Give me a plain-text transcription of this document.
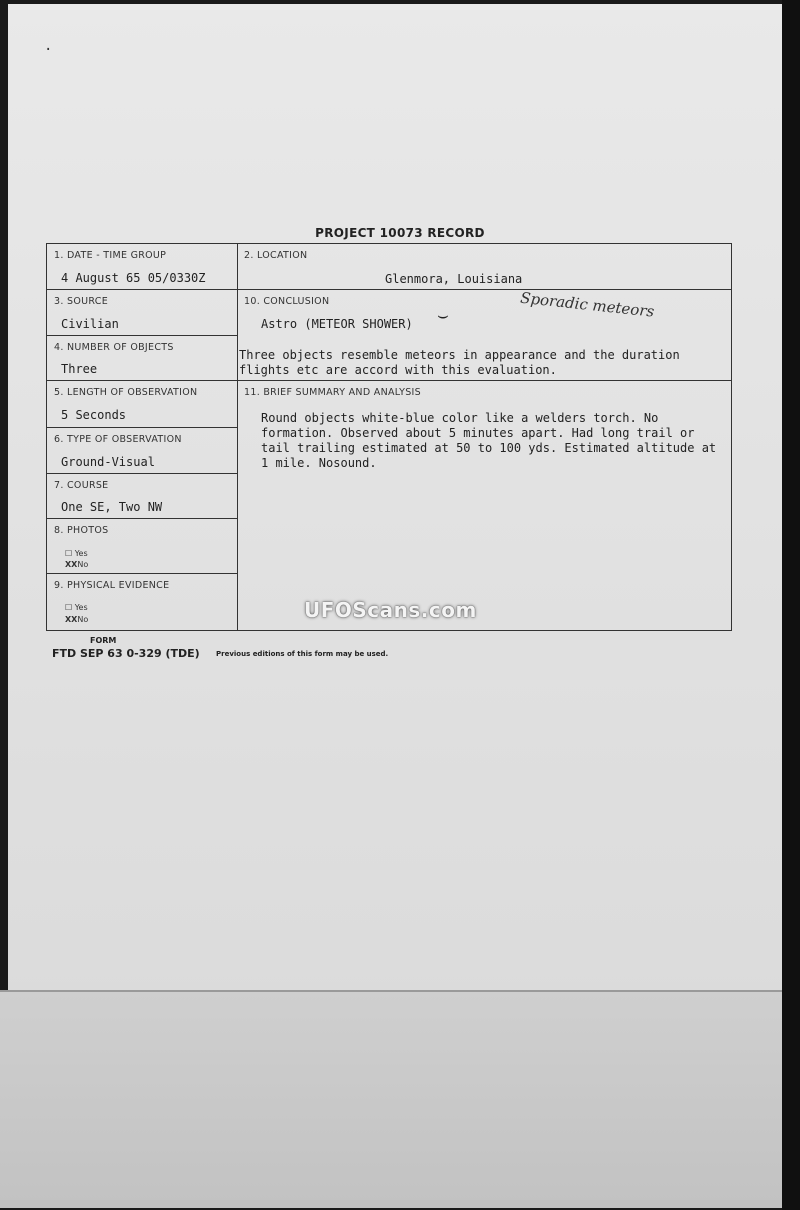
·
PROJECT 10073 RECORD
1. DATE - TIME GROUP
4 August 65 05/0330Z
3. SOURCE
Civilian
4. NUMBER OF OBJECTS
Three
5. LENGTH OF OBSERVATION
5 Seconds
6. TYPE OF OBSERVATION
Ground-Visual
7. COURSE
One SE, Two NW
8. PHOTOS
☐ Yes
XXNo
9. PHYSICAL EVIDENCE
☐ Yes
XXNo
2. LOCATION
Glenmora, Louisiana
10. CONCLUSION
Astro (METEOR SHOWER) ⌣
Three objects resemble meteors in appearance and the duration flights etc are accord with this evaluation.
11. BRIEF SUMMARY AND ANALYSIS
Round objects white-blue color like a welders torch. No formation. Observed about 5 minutes apart. Had long trail or tail trailing estimated at 50 to 100 yds. Estimated altitude at 1 mile. Nosound.
Sporadic meteors
FORM
FTD SEP 63 0-329 (TDE) Previous editions of this form may be used.
UFOScans.com
